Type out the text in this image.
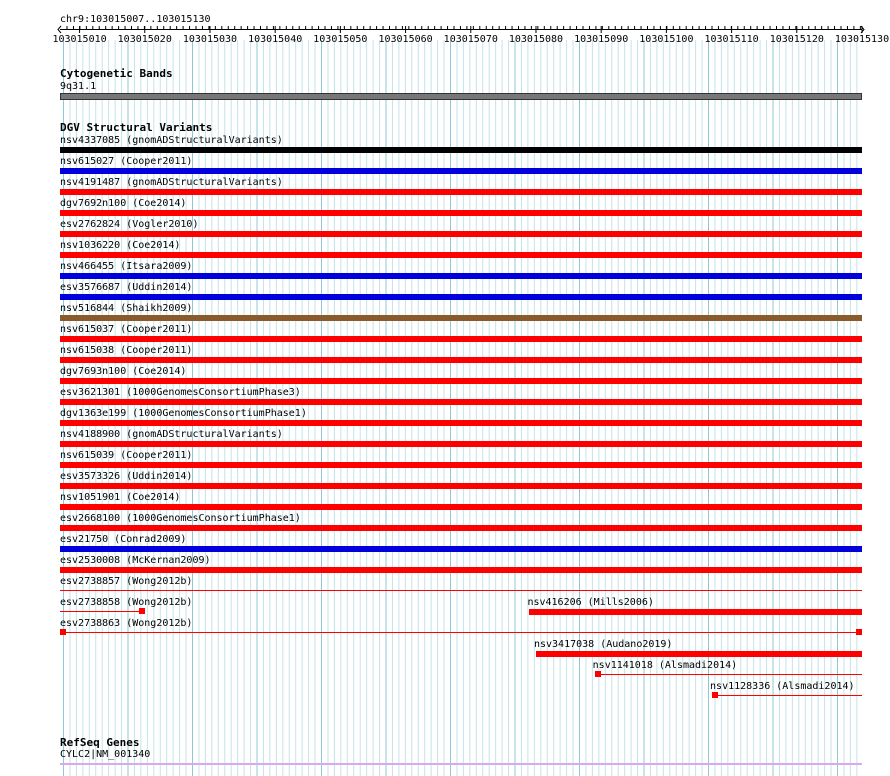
chr9:103015007..103015130
103015010 103015020 103015030 103015040 103015050 103015060 103015070 103015080 103015090 103015100 103015110 103015120 103015130
Cytogenetic Bands
9q31.1
DGV Structural Variants
nsv4337085 (gnomADStructuralVariants)
nsv615027 (Cooper2011)
nsv4191487 (gnomADStructuralVariants)
dgv7692n100 (Coe2014)
esv2762824 (Vogler2010)
nsv1036220 (Coe2014)
nsv466455 (Itsara2009)
esv3576687 (Uddin2014)
nsv516844 (Shaikh2009)
nsv615037 (Cooper2011)
nsv615038 (Cooper2011)
dgv7693n100 (Coe2014)
esv3621301 (1000GenomesConsortiumPhase3)
dgv1363e199 (1000GenomesConsortiumPhase1)
nsv4188900 (gnomADStructuralVariants)
nsv615039 (Cooper2011)
esv3573326 (Uddin2014)
nsv1051901 (Coe2014)
esv2668100 (1000GenomesConsortiumPhase1)
esv21750 (Conrad2009)
esv2530008 (McKernan2009)
esv2738857 (Wong2012b)
esv2738858 (Wong2012b)	nsv416206 (Mills2006)
esv2738863 (Wong2012b)
nsv3417038 (Audano2019)
nsv1141018 (Alsmadi2014)
nsv1128336 (Alsmadi2014)
RefSeq Genes
CYLC2|NM_001340
